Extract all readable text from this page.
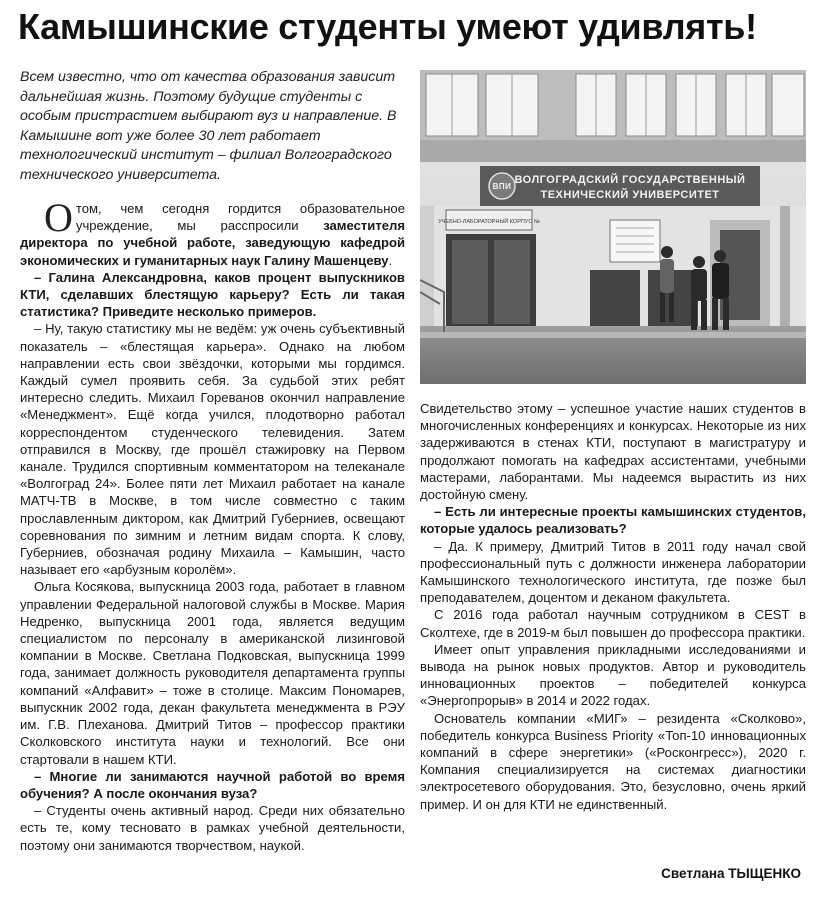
Камышинские студенты умеют удивлять!
Всем известно, что от качества образования зависит дальнейшая жизнь. Поэтому будущие студенты с особым пристрастием выбирают вуз и направление. В Камышине вот уже более 30 лет работает технологический институт – филиал Волгоградского технического университета.
ВПИ
ВОЛГОГРАДСКИЙ ГОСУДАРСТВЕННЫЙ
ТЕХНИЧЕСКИЙ УНИВЕРСИТЕТ
УЧЕБНО-ЛАБОРАТОРНЫЙ КОРПУС №

Отом, чем сегодня гордится образовательное учреждение, мы расспросили заместителя директора по учебной работе, заведующую кафедрой экономических и гуманитарных наук Галину Машенцеву.

– Галина Александровна, каков процент выпускников КТИ, сделавших блестящую карьеру? Есть ли такая статистика? Приведите несколько примеров.

– Ну, такую статистику мы не ведём: уж очень субъективный показатель – «блестящая карьера». Однако на любом направлении есть свои звёздочки, которыми мы гордимся. Каждый сумел проявить себя. За судьбой этих ребят интересно следить. Михаил Гореванов окончил направление «Менеджмент». Ещё когда учился, плодотворно работал корреспондентом студенческого телевидения. Затем отправился в Москву, где прошёл стажировку на Первом канале. Трудился спортивным комментатором на телеканале «Волгоград 24». Более пяти лет Михаил работает на канале МАТЧ-ТВ в Москве, в том числе совместно с таким прославленным диктором, как Дмитрий Губерниев, освещают соревнования по зимним и летним видам спорта. К слову, Губерниев, обозначая родину Михаила – Камышин, часто называет его «арбузным королём».

Ольга Косякова, выпускница 2003 года, работает в главном управлении Федеральной налоговой службы в Москве. Мария Недренко, выпускница 2001 года, является ведущим специалистом по персоналу в американской лизинговой компании в Москве. Светлана Подковская, выпускница 1999 года, занимает должность руководителя департамента группы компаний «Алфавит» – тоже в столице. Максим Пономарев, выпускник 2002 года, декан факультета менеджмента в РЭУ им. Г.В. Плеханова. Дмитрий Титов – профессор практики Сколковского института науки и технологий. Все они стартовали в нашем КТИ.

– Многие ли занимаются научной работой во время обучения? А после окончания вуза?

– Студенты очень активный народ. Среди них обязательно есть те, кому тесновато в рамках учебной деятельности, поэтому они занимаются творчеством, наукой.

Свидетельство этому – успешное участие наших студентов в многочисленных конференциях и конкурсах. Некоторые из них задерживаются в стенах КТИ, поступают в магистратуру и продолжают помогать на кафедрах ассистентами, учебными мастерами, лаборантами. Мы надеемся вырастить из них достойную смену.

– Есть ли интересные проекты камышинских студентов, которые удалось реализовать?

– Да. К примеру, Дмитрий Титов в 2011 году начал свой профессиональный путь с должности инженера лаборатории Камышинского технологического института, где позже был преподавателем, доцентом и деканом факультета.

С 2016 года работал научным сотрудником в CEST в Сколтехе, где в 2019-м был повышен до профессора практики.

Имеет опыт управления прикладными исследованиями и вывода на рынок новых продуктов. Автор и руководитель инновационных проектов – победителей конкурса «Энергопрорыв» в 2014 и 2022 годах.

Основатель компании «МИГ» – резидента «Сколково», победитель конкурса Business Priority «Топ-10 инновационных компаний в сфере энергетики» («Росконгресс»), 2020 г. Компания специализируется на системах диагностики электросетевого оборудования. Это, безусловно, очень яркий пример. И он для КТИ не единственный.

Светлана ТЫЩЕНКО
